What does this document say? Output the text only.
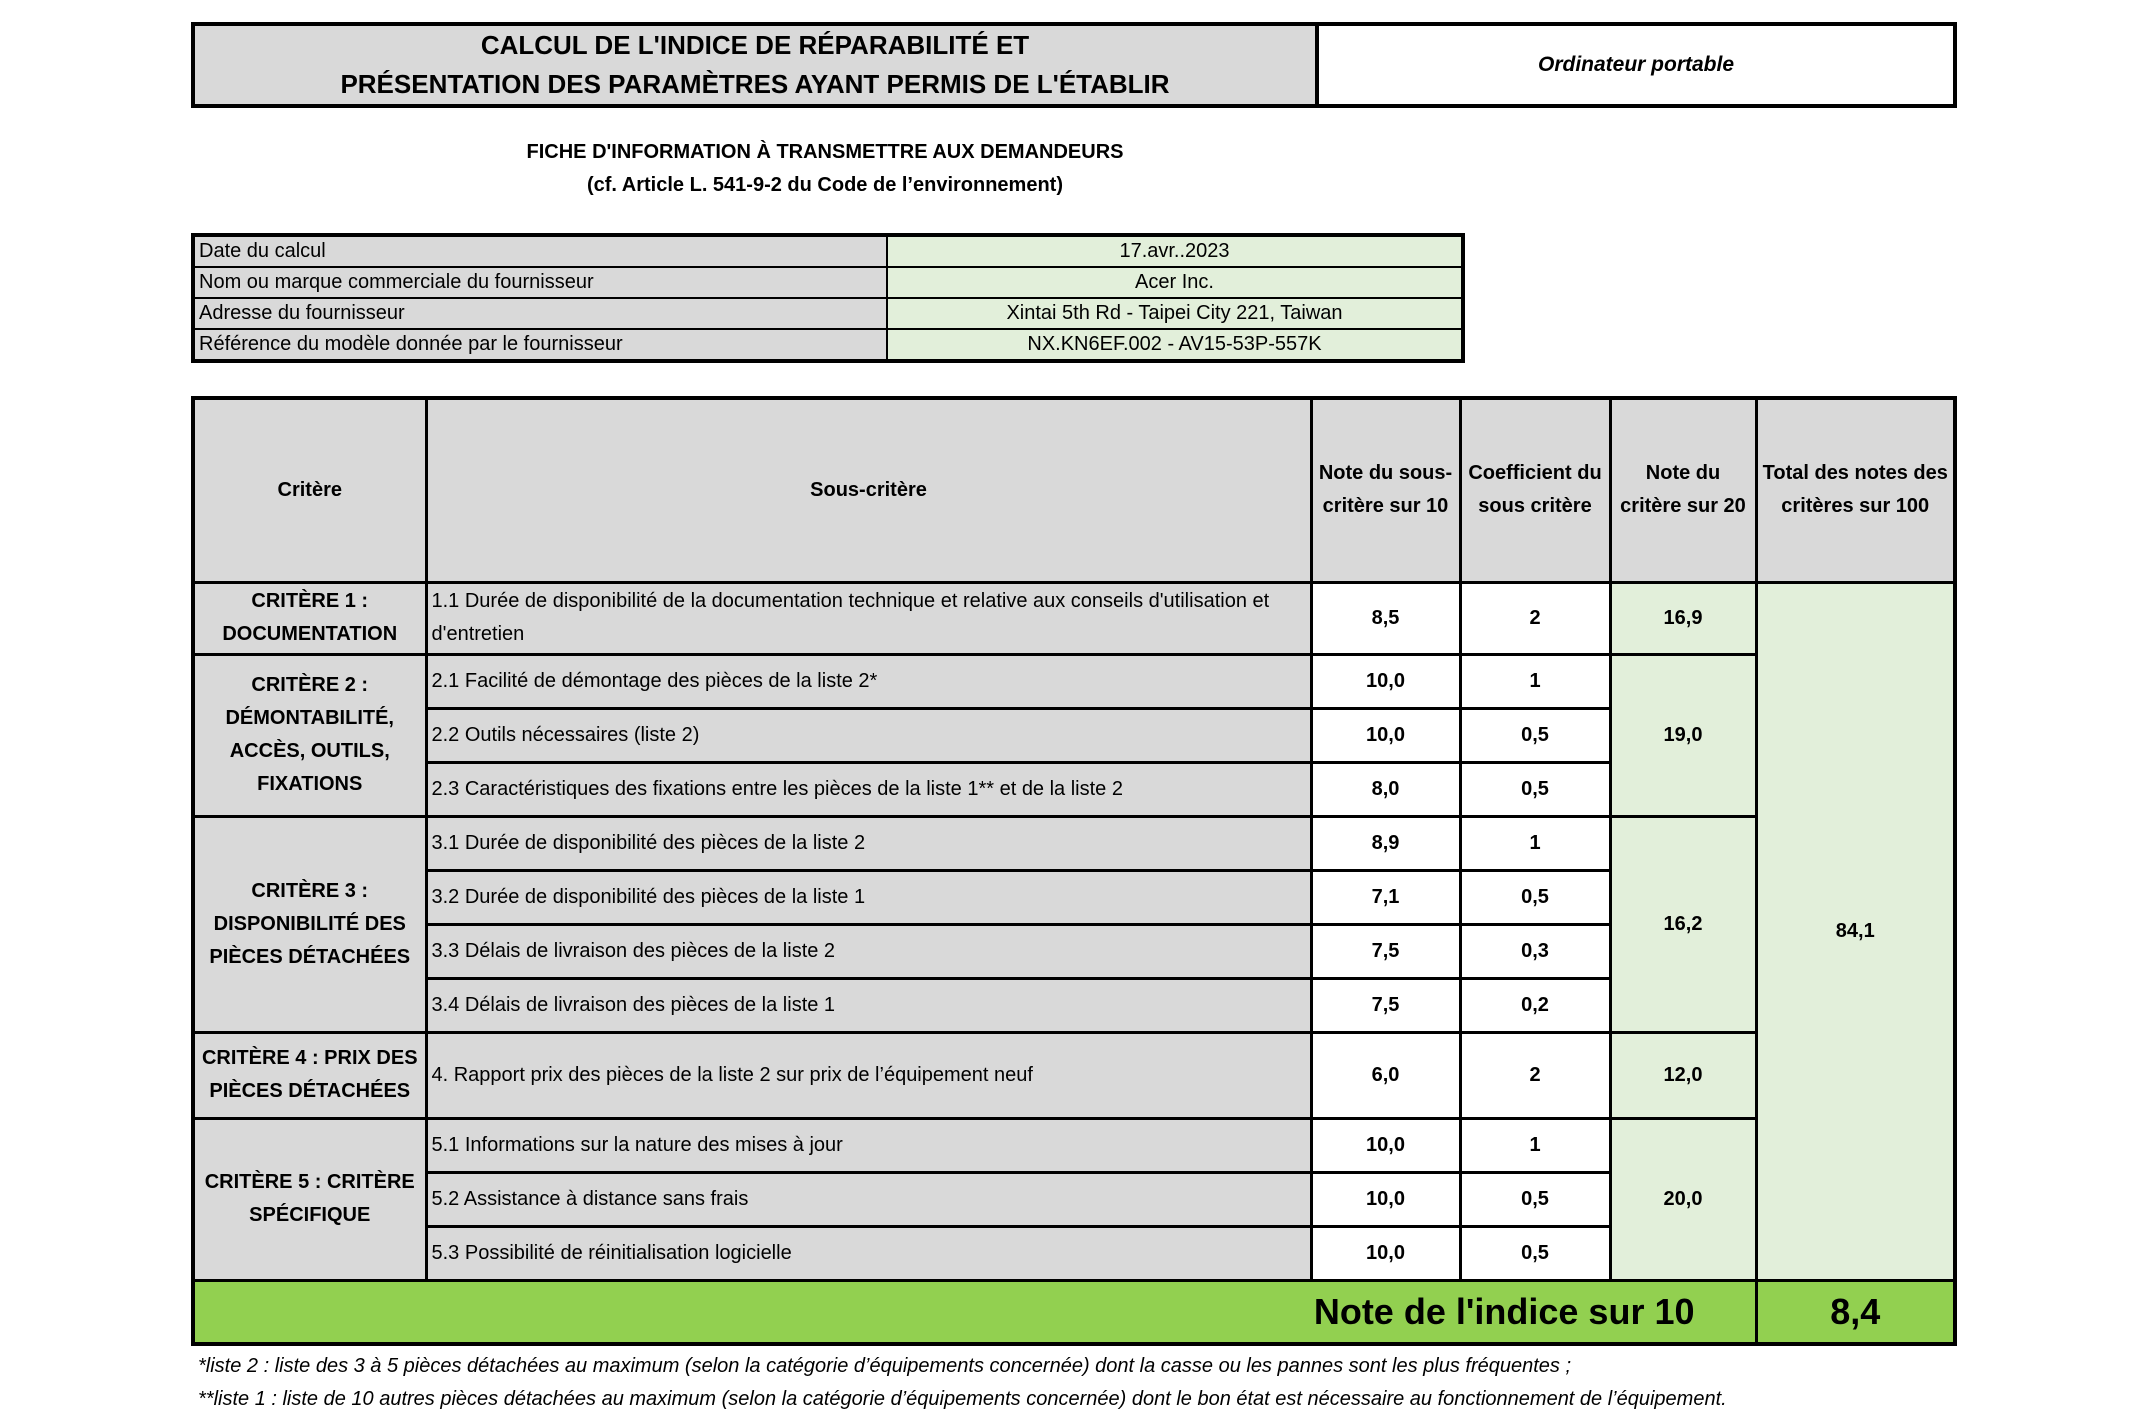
CALCUL DE L'INDICE DE RÉPARABILITÉ ET
PRÉSENTATION DES PARAMÈTRES AYANT PERMIS DE L'ÉTABLIR
Ordinateur portable
FICHE D'INFORMATION À TRANSMETTRE AUX DEMANDEURS
(cf. Article L. 541-9-2 du Code de l’environnement)
Date du calcul	17.avr..2023
Nom ou marque commerciale du fournisseur	Acer Inc.
Adresse du fournisseur	Xintai 5th Rd - Taipei City 221, Taiwan
Référence du modèle donnée par le fournisseur	NX.KN6EF.002 - AV15-53P-557K
Critère	Sous-critère	Note du sous-critère sur 10	Coefficient du sous critère	Note du critère sur 20	Total des notes des critères sur 100
CRITÈRE 1 : DOCUMENTATION	1.1 Durée de disponibilité de la documentation technique et relative aux conseils d'utilisation et d'entretien	8,5	2	16,9	84,1
CRITÈRE 2 : DÉMONTABILITÉ, ACCÈS, OUTILS, FIXATIONS	2.1 Facilité de démontage des pièces de la liste 2*	10,0	1	19,0	
	2.2 Outils nécessaires (liste 2)	10,0	0,5		
	2.3 Caractéristiques des fixations entre les pièces de la liste 1** et de la liste 2	8,0	0,5		
CRITÈRE 3 : DISPONIBILITÉ DES PIÈCES DÉTACHÉES	3.1 Durée de disponibilité des pièces de la liste 2	8,9	1	16,2	
	3.2 Durée de disponibilité des pièces de la liste 1	7,1	0,5		
	3.3 Délais de livraison des pièces de la liste 2	7,5	0,3		
	3.4 Délais de livraison des pièces de la liste 1	7,5	0,2		
CRITÈRE 4 : PRIX DES PIÈCES DÉTACHÉES	4. Rapport prix des pièces de la liste 2 sur prix de l’équipement neuf	6,0	2	12,0	
CRITÈRE 5 : CRITÈRE SPÉCIFIQUE	5.1 Informations sur la nature des mises à jour	10,0	1	20,0	
	5.2 Assistance à distance sans frais	10,0	0,5		
	5.3 Possibilité de réinitialisation logicielle	10,0	0,5		
Note de l'indice sur 10					8,4
*liste 2 : liste des 3 à 5 pièces détachées au maximum (selon la catégorie d’équipements concernée) dont la casse ou les pannes sont les plus fréquentes ;
**liste 1 : liste de 10 autres pièces détachées au maximum (selon la catégorie d’équipements concernée) dont le bon état est nécessaire au fonctionnement de l’équipement.
